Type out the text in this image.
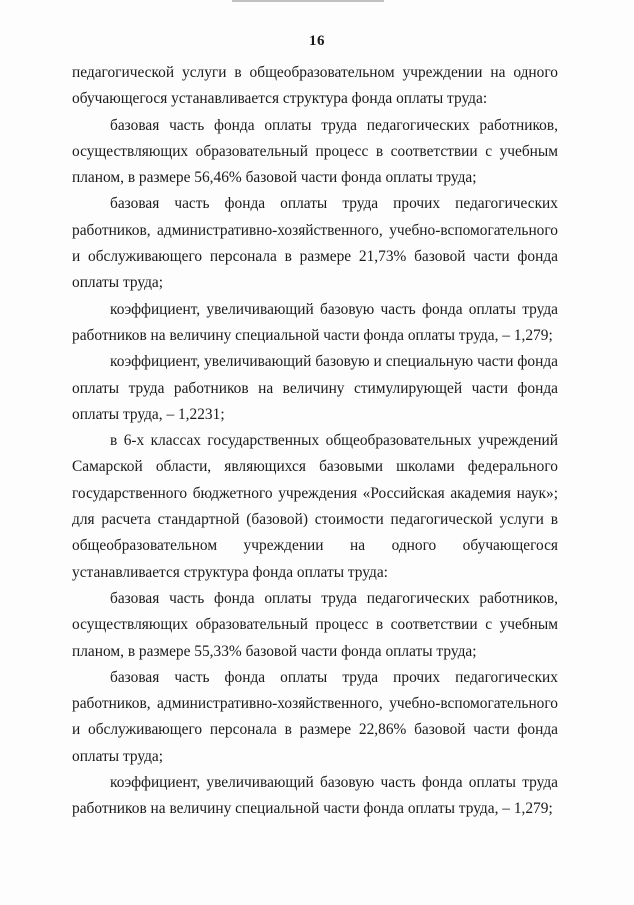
16

педагогической услуги в общеобразовательном учреждении на одного обучающегося устанавливается структура фонда оплаты труда:

базовая часть фонда оплаты труда педагогических работников, осуществляющих образовательный процесс в соответствии с учебным планом, в размере 56,46% базовой части фонда оплаты труда;

базовая часть фонда оплаты труда прочих педагогических работников, административно-хозяйственного, учебно-вспомогательного и обслуживающего персонала в размере 21,73% базовой части фонда оплаты труда;

коэффициент, увеличивающий базовую часть фонда оплаты труда работников на величину специальной части фонда оплаты труда, – 1,279;

коэффициент, увеличивающий базовую и специальную части фонда оплаты труда работников на величину стимулирующей части фонда оплаты труда, – 1,2231;

в 6-х классах государственных общеобразовательных учреждений Самарской области, являющихся базовыми школами федерального государственного бюджетного учреждения «Российская академия наук»; для расчета стандартной (базовой) стоимости педагогической услуги в общеобразовательном учреждении на одного обучающегося устанавливается структура фонда оплаты труда:

базовая часть фонда оплаты труда педагогических работников, осуществляющих образовательный процесс в соответствии с учебным планом, в размере 55,33% базовой части фонда оплаты труда;

базовая часть фонда оплаты труда прочих педагогических работников, административно-хозяйственного, учебно-вспомогательного и обслуживающего персонала в размере 22,86% базовой части фонда оплаты труда;

коэффициент, увеличивающий базовую часть фонда оплаты труда работников на величину специальной части фонда оплаты труда, – 1,279;
